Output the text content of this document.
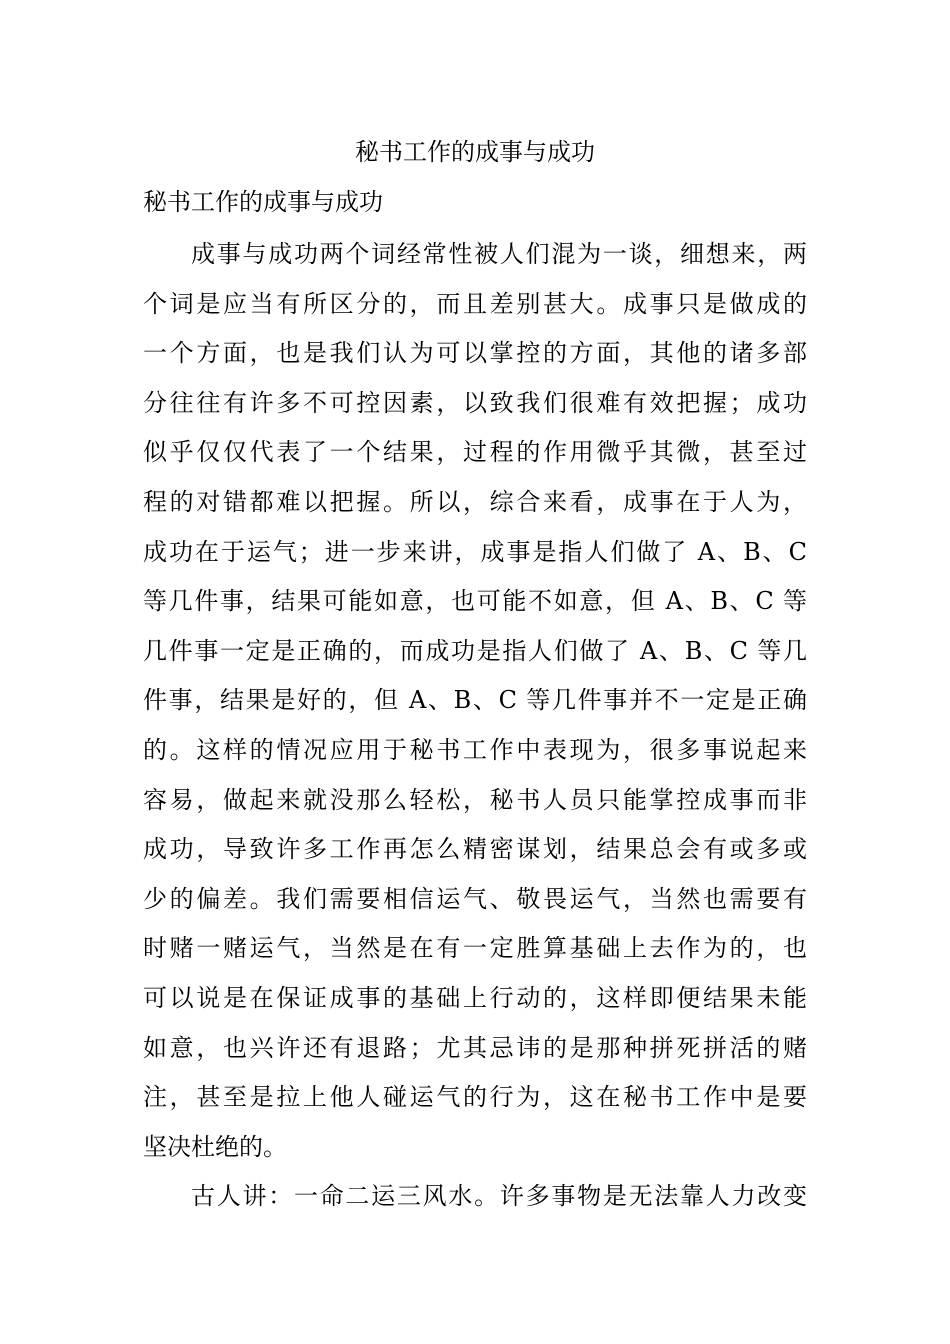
秘书工作的成事与成功

秘书工作的成事与成功

成事与成功两个词经常性被人们混为一谈，细想来，两
个词是应当有所区分的，而且差别甚大。成事只是做成的
一个方面，也是我们认为可以掌控的方面，其他的诸多部
分往往有许多不可控因素，以致我们很难有效把握；成功
似乎仅仅代表了一个结果，过程的作用微乎其微，甚至过
程的对错都难以把握。所以，综合来看，成事在于人为，
成功在于运气；进一步来讲，成事是指人们做了 A、B、C
等几件事，结果可能如意，也可能不如意，但 A、B、C 等
几件事一定是正确的，而成功是指人们做了 A、B、C 等几
件事，结果是好的，但 A、B、C 等几件事并不一定是正确
的。这样的情况应用于秘书工作中表现为，很多事说起来
容易，做起来就没那么轻松，秘书人员只能掌控成事而非
成功，导致许多工作再怎么精密谋划，结果总会有或多或
少的偏差。我们需要相信运气、敬畏运气，当然也需要有
时赌一赌运气，当然是在有一定胜算基础上去作为的，也
可以说是在保证成事的基础上行动的，这样即便结果未能
如意，也兴许还有退路；尤其忌讳的是那种拼死拼活的赌
注，甚至是拉上他人碰运气的行为，这在秘书工作中是要
坚决杜绝的。
古人讲：一命二运三风水。许多事物是无法靠人力改变
